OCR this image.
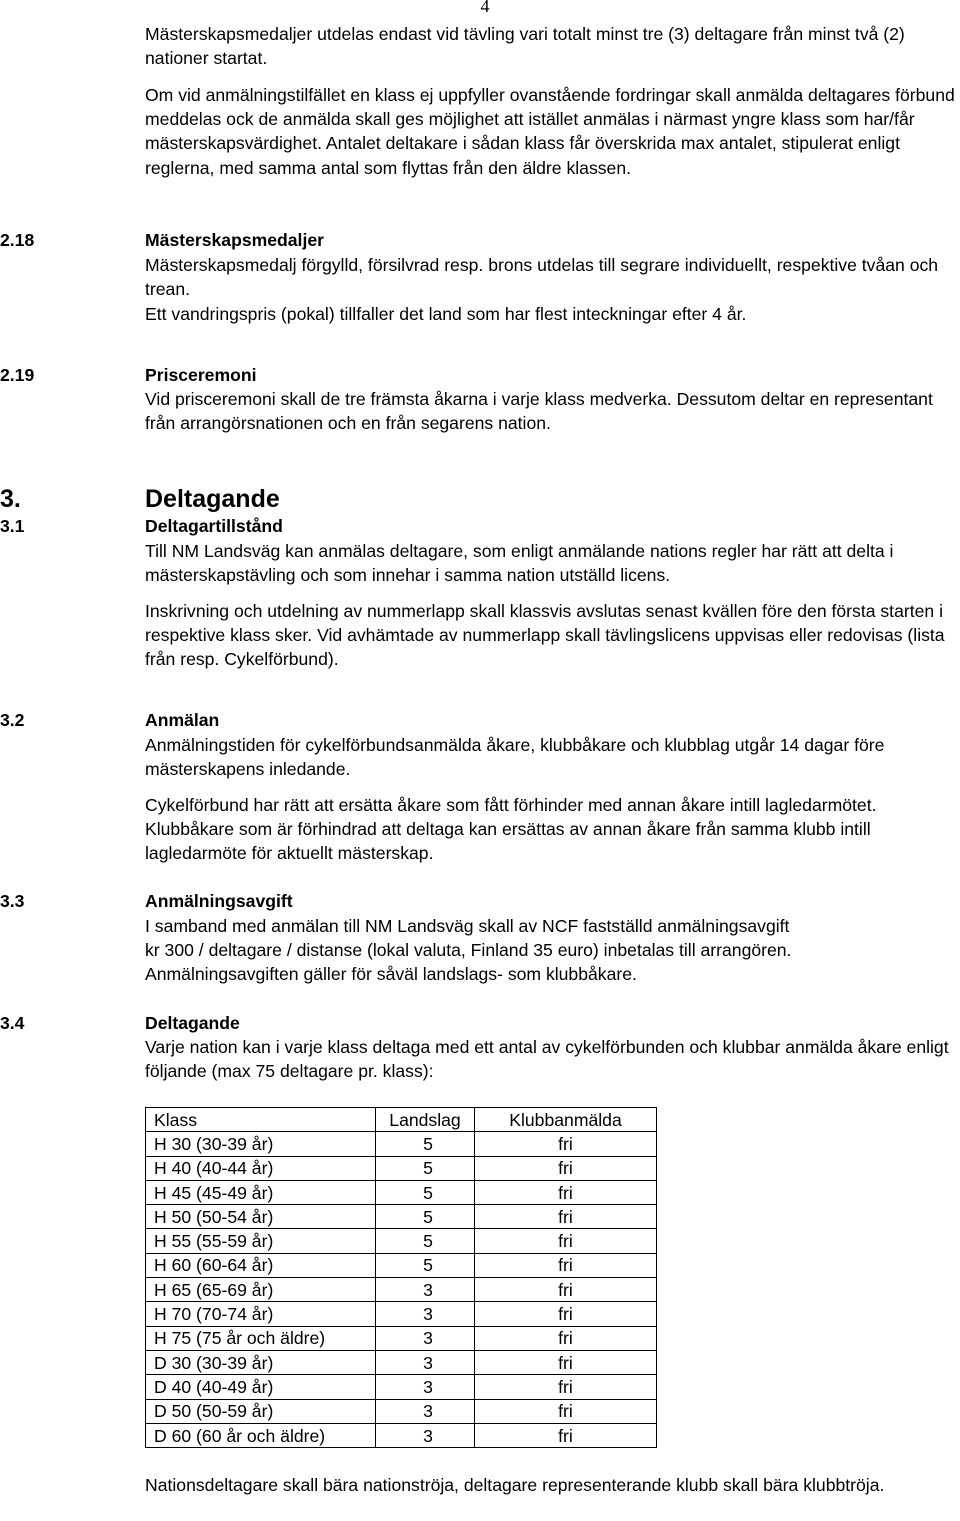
4

Mästerskapsmedaljer utdelas endast vid tävling vari totalt minst tre (3) deltagare från minst två (2) nationer startat.

Om vid anmälningstilfället en klass ej uppfyller ovanstående fordringar skall anmälda deltagares förbund meddelas ock de anmälda skall ges möjlighet att istället anmälas i närmast yngre klass som har/får mästerskapsvärdighet. Antalet deltakare i sådan klass får överskrida max antalet, stipulerat enligt reglerna, med samma antal som flyttas från den äldre klassen.

2.18	Mästerskapsmedaljer

Mästerskapsmedalj förgylld, försilvrad resp. brons utdelas till segrare individuellt, respektive tvåan och trean.

Ett vandringspris (pokal) tillfaller det land som har flest inteckningar efter 4 år.

2.19	Prisceremoni

Vid prisceremoni skall de tre främsta åkarna i varje klass medverka. Dessutom deltar en representant från arrangörsnationen och en från segarens nation.

3.	Deltagande

3.1	Deltagartillstånd

Till NM Landsväg kan anmälas deltagare, som enligt anmälande nations regler har rätt att delta i mästerskapstävling och som innehar i samma nation utställd licens.

Inskrivning och utdelning av nummerlapp skall klassvis avslutas senast kvällen före den första starten i respektive klass sker. Vid avhämtade av nummerlapp skall tävlingslicens uppvisas eller redovisas (lista från resp. Cykelförbund).

3.2	Anmälan

Anmälningstiden för cykelförbundsanmälda åkare, klubbåkare och klubblag utgår 14 dagar före mästerskapens inledande.

Cykelförbund har rätt att ersätta åkare som fått förhinder med annan åkare intill lagledarmötet. Klubbåkare som är förhindrad att deltaga kan ersättas av annan åkare från samma klubb intill lagledarmöte för aktuellt mästerskap.

3.3	Anmälningsavgift

I samband med anmälan till NM Landsväg skall av NCF fastställd anmälningsavgift

kr 300 / deltagare / distanse (lokal valuta, Finland 35 euro) inbetalas till arrangören.

Anmälningsavgiften gäller för såväl landslags- som klubbåkare.

3.4	Deltagande

Varje nation kan i varje klass deltaga med ett antal av cykelförbunden och klubbar anmälda åkare enligt följande (max 75 deltagare pr. klass):

Klass	Landslag	Klubbanmälda
H 30 (30-39 år)	5	fri
H 40 (40-44 år)	5	fri
H 45 (45-49 år)	5	fri
H 50 (50-54 år)	5	fri
H 55 (55-59 år)	5	fri
H 60 (60-64 år)	5	fri
H 65 (65-69 år)	3	fri
H 70 (70-74 år)	3	fri
H 75 (75 år och äldre)	3	fri
D 30 (30-39 år)	3	fri
D 40 (40-49 år)	3	fri
D 50 (50-59 år)	3	fri
D 60 (60 år och äldre)	3	fri

Nationsdeltagare skall bära nationströja, deltagare representerande klubb skall bära klubbtröja.
